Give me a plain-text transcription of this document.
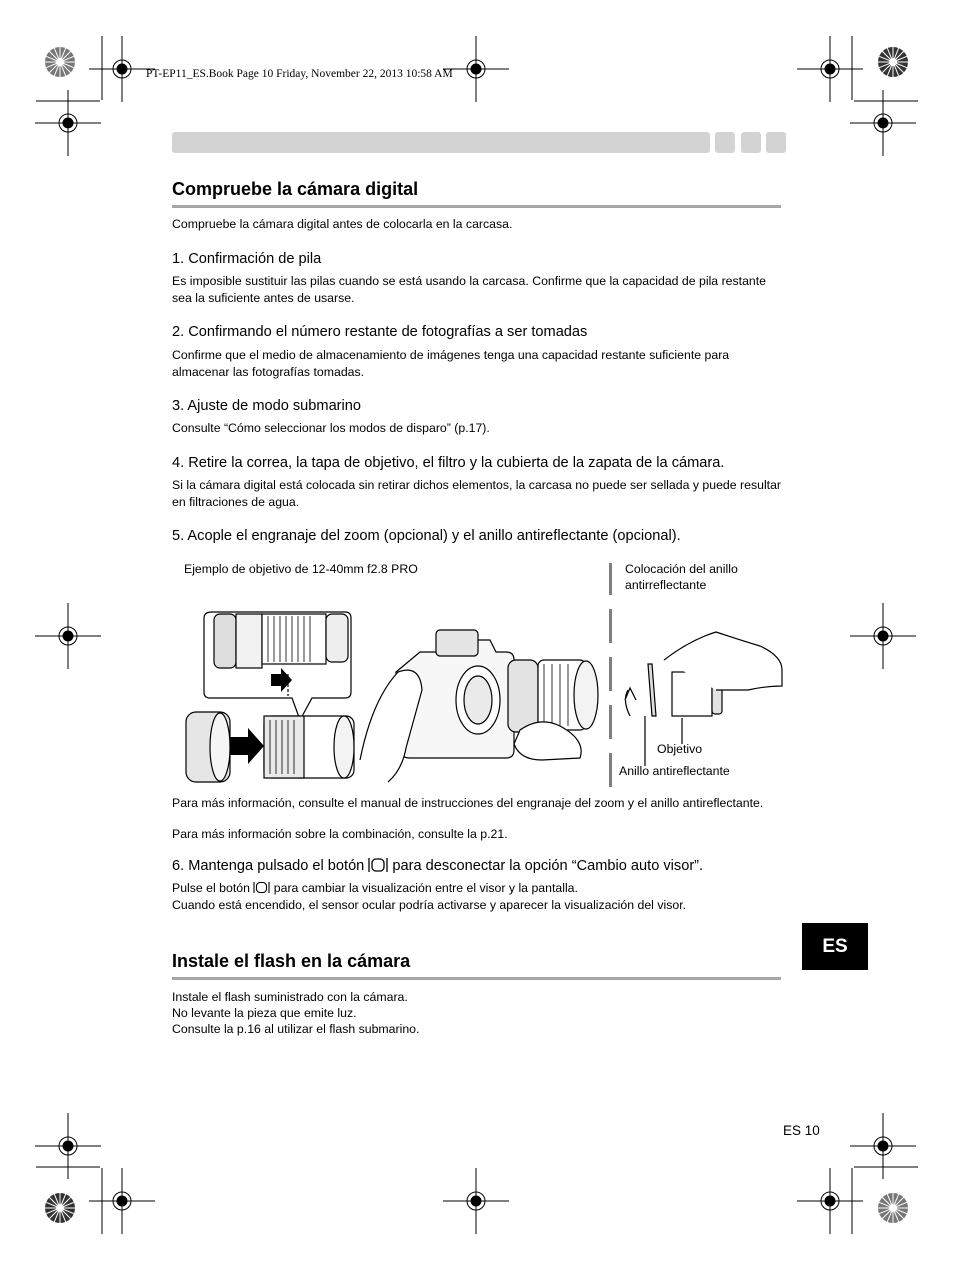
PT-EP11_ES.Book Page 10 Friday, November 22, 2013 10:58 AM
Compruebe la cámara digital
Compruebe la cámara digital antes de colocarla en la carcasa.
1. Confirmación de pila
Es imposible sustituir las pilas cuando se está usando la carcasa. Confirme que la capacidad de pila restante sea la suficiente antes de usarse.
2. Confirmando el número restante de fotografías a ser tomadas
Confirme que el medio de almacenamiento de imágenes tenga una capacidad restante suficiente para almacenar las fotografías tomadas.
3. Ajuste de modo submarino
Consulte “Cómo seleccionar los modos de disparo” (p.17).
4. Retire la correa, la tapa de objetivo, el filtro y la cubierta de la zapata de la cámara.
Si la cámara digital está colocada sin retirar dichos elementos, la carcasa no puede ser sellada y puede resultar en filtraciones de agua.
5. Acople el engranaje del zoom (opcional) y el anillo antireflectante (opcional).
Ejemplo de objetivo de 12-40mm f2.8 PRO	Colocación del anillo antirreflectante
Objetivo
Anillo antireflectante
Para más información, consulte el manual de instrucciones del engranaje del zoom y el anillo antireflectante.
Para más información sobre la combinación, consulte la p.21.
6. Mantenga pulsado el botón  para desconectar la opción “Cambio auto visor”.
Pulse el botón  para cambiar la visualización entre el visor y la pantalla.
Cuando está encendido, el sensor ocular podría activarse y aparecer la visualización del visor.
Instale el flash en la cámara
Instale el flash suministrado con la cámara.
No levante la pieza que emite luz.
Consulte la p.16 al utilizar el flash submarino.
ES
ES 10
